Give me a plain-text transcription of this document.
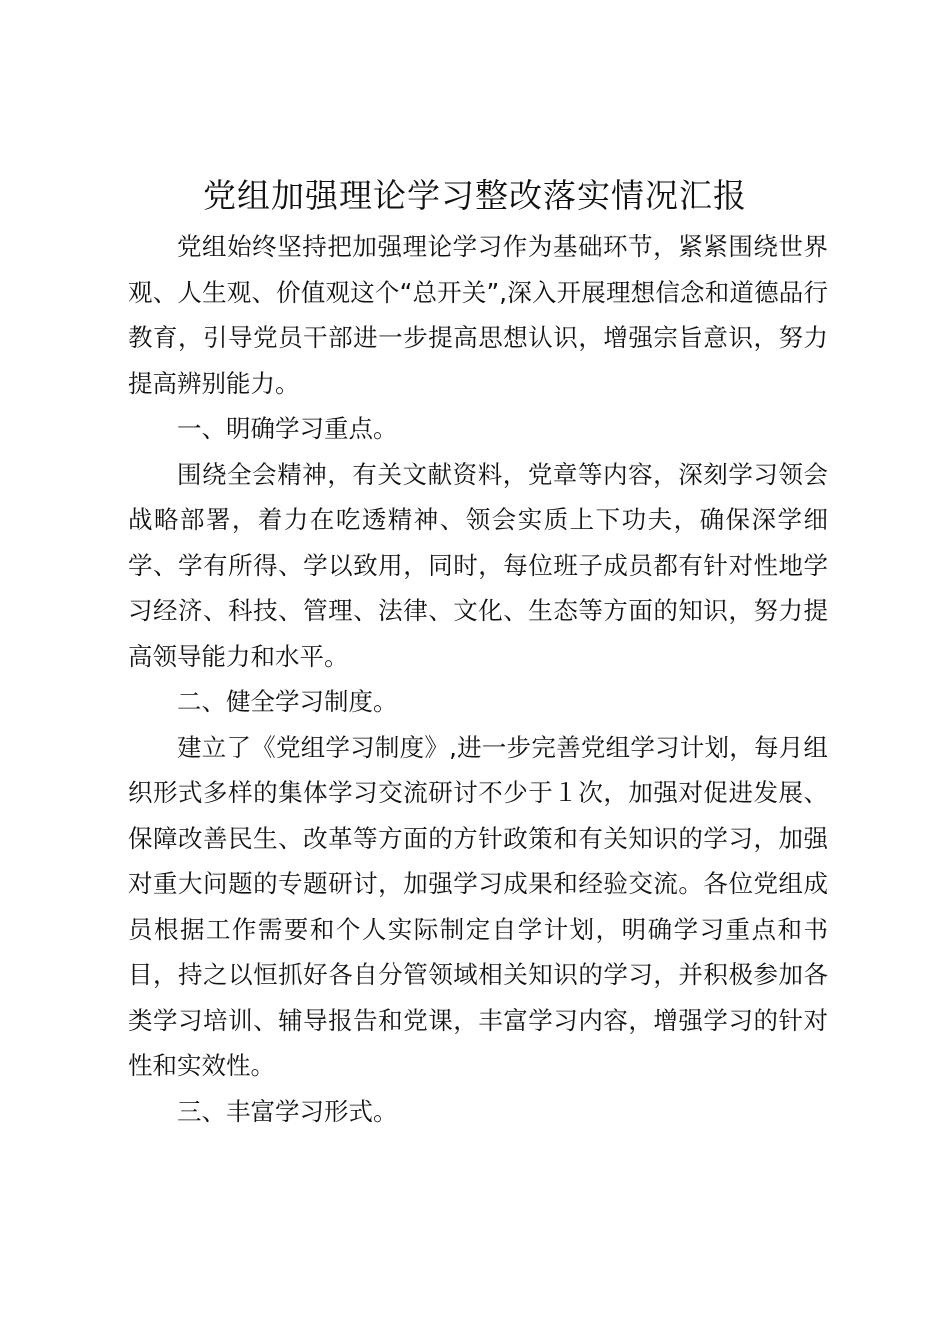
党组加强理论学习整改落实情况汇报

党组始终坚持把加强理论学习作为基础环节，紧紧围绕世界观、人生观、价值观这个“总开关”,深入开展理想信念和道德品行教育，引导党员干部进一步提高思想认识，增强宗旨意识，努力提高辨别能力。

一、明确学习重点。

围绕全会精神，有关文献资料，党章等内容，深刻学习领会战略部署，着力在吃透精神、领会实质上下功夫，确保深学细学、学有所得、学以致用，同时，每位班子成员都有针对性地学习经济、科技、管理、法律、文化、生态等方面的知识，努力提高领导能力和水平。

二、健全学习制度。

建立了《党组学习制度》,进一步完善党组学习计划，每月组织形式多样的集体学习交流研讨不少于１次，加强对促进发展、保障改善民生、改革等方面的方针政策和有关知识的学习，加强对重大问题的专题研讨，加强学习成果和经验交流。各位党组成员根据工作需要和个人实际制定自学计划，明确学习重点和书目，持之以恒抓好各自分管领域相关知识的学习，并积极参加各类学习培训、辅导报告和党课，丰富学习内容，增强学习的针对性和实效性。

三、丰富学习形式。
